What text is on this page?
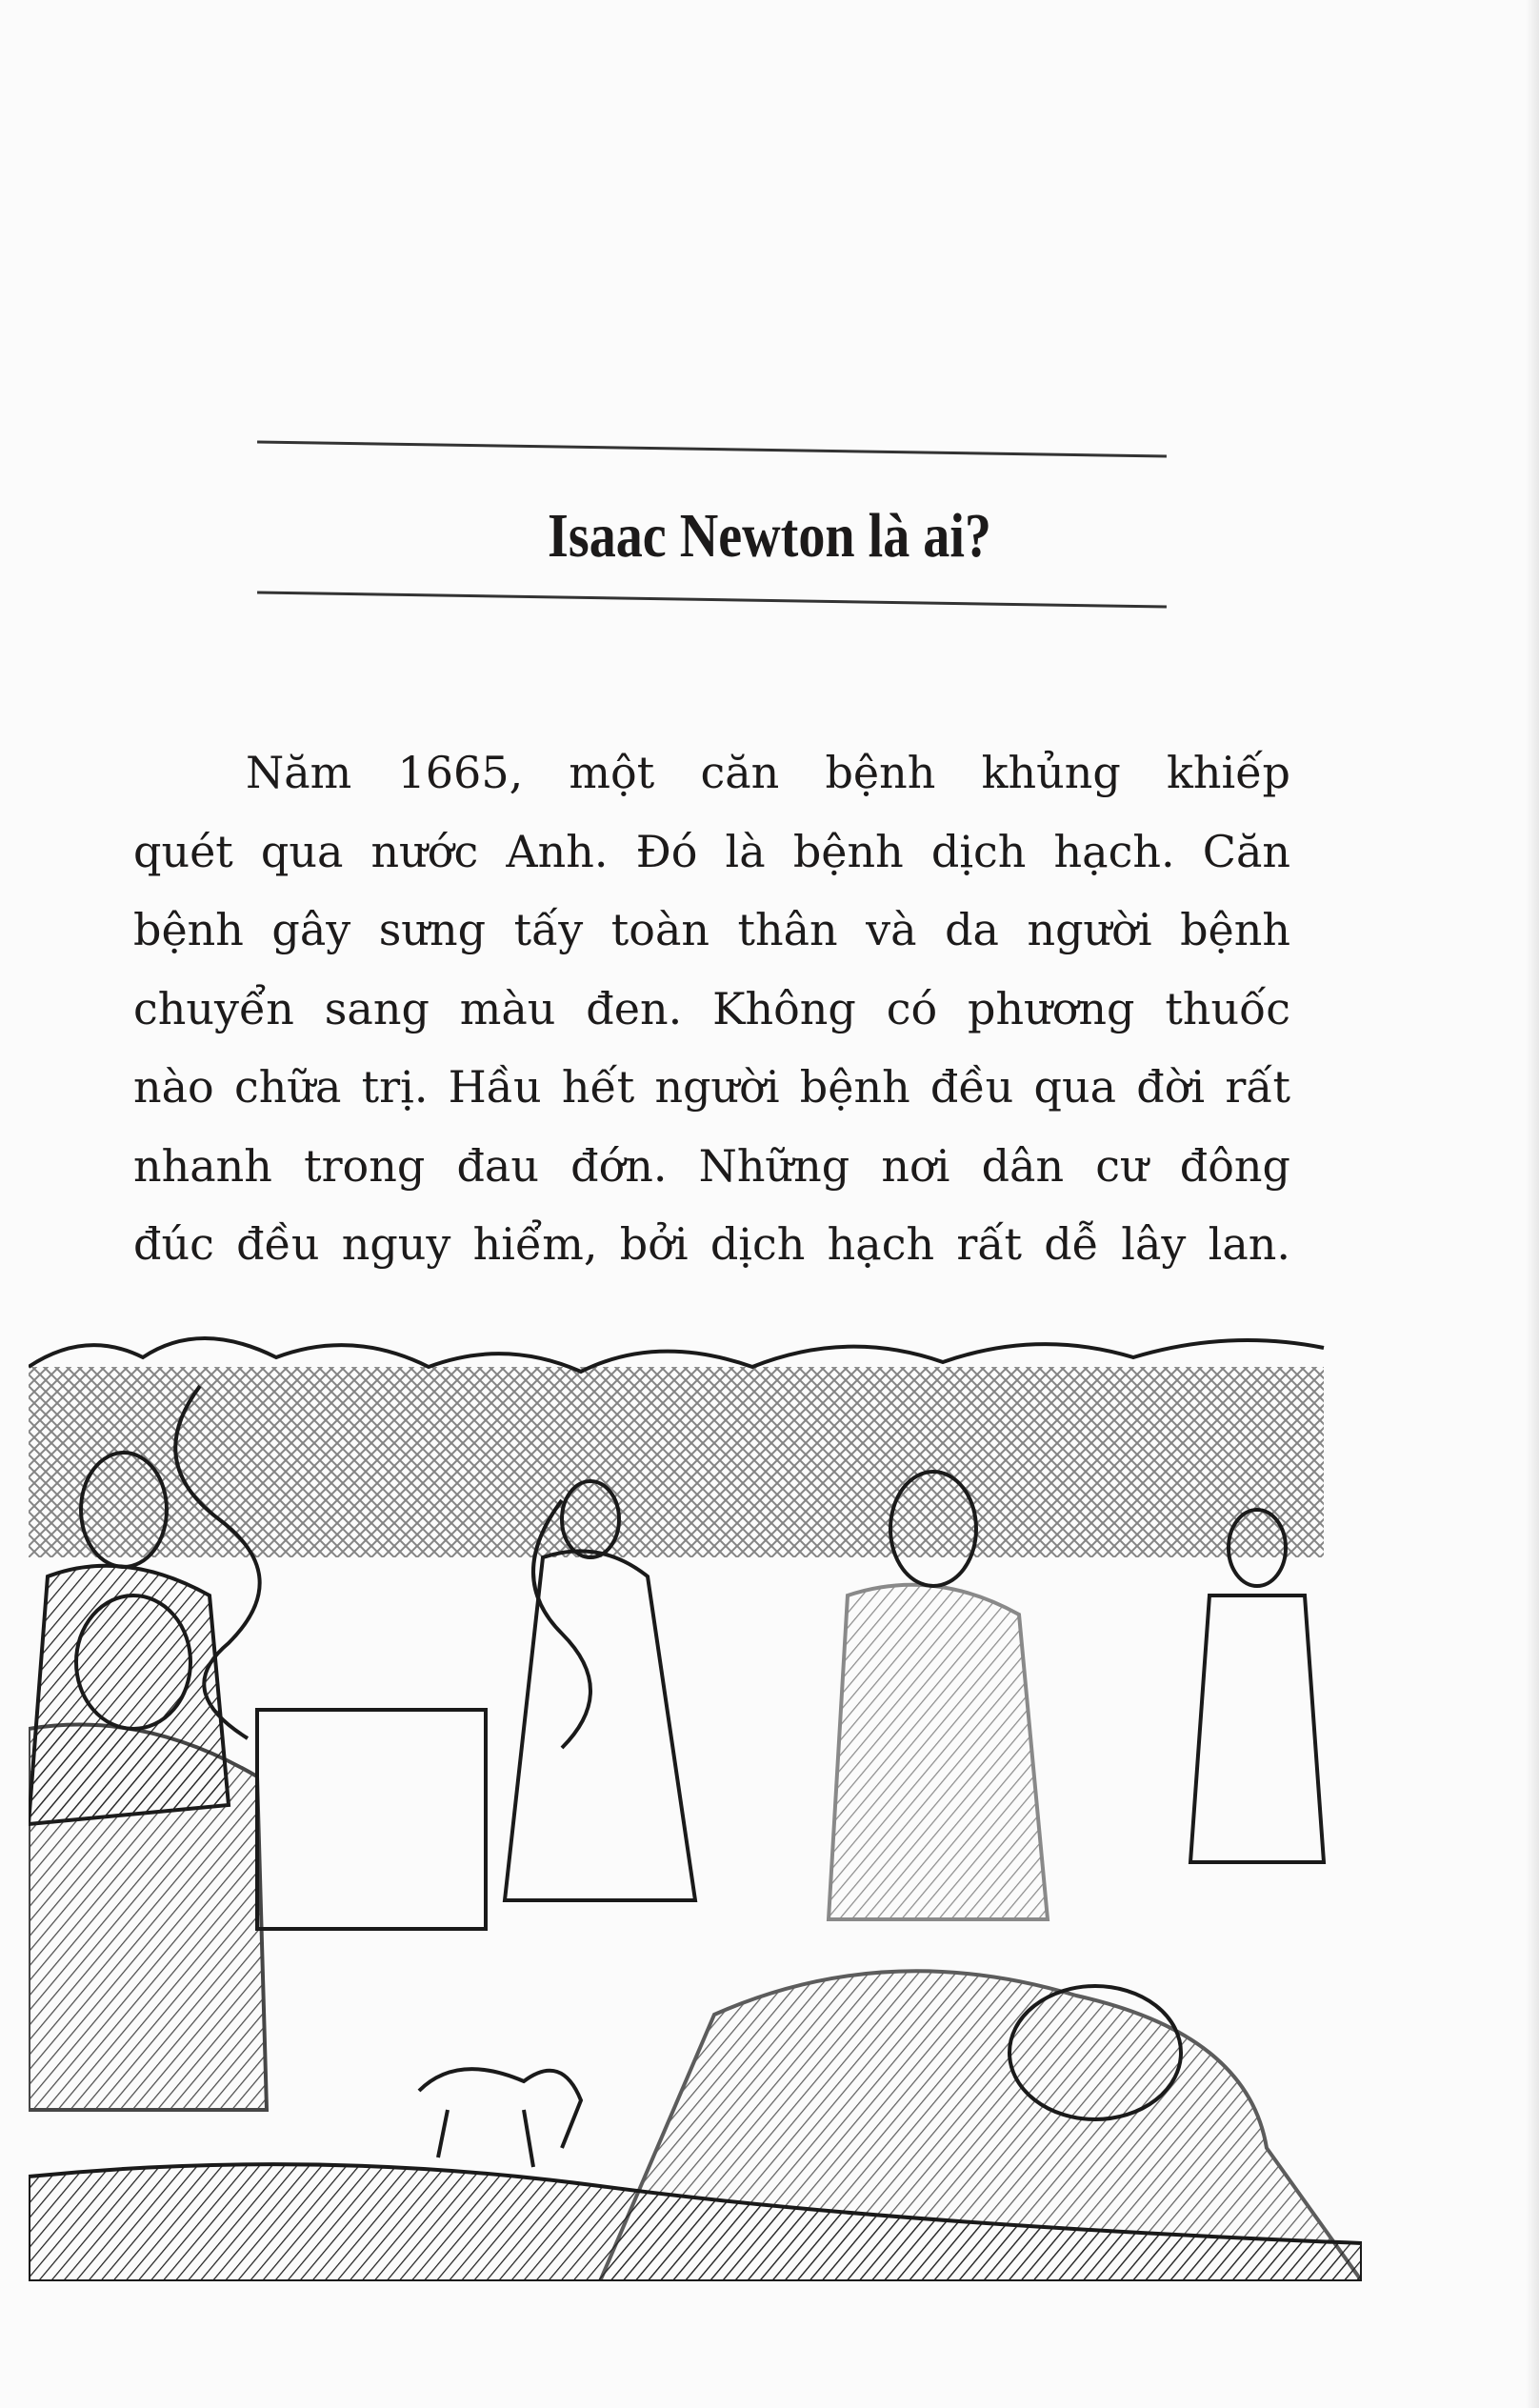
Isaac Newton là ai?
Năm 1665, một căn bệnh khủng khiếp
quét qua nước Anh. Đó là bệnh dịch hạch. Căn
bệnh gây sưng tấy toàn thân và da người bệnh
chuyển sang màu đen. Không có phương thuốc
nào chữa trị. Hầu hết người bệnh đều qua đời rất
nhanh trong đau đớn. Những nơi dân cư đông
đúc đều nguy hiểm, bởi dịch hạch rất dễ lây lan.
